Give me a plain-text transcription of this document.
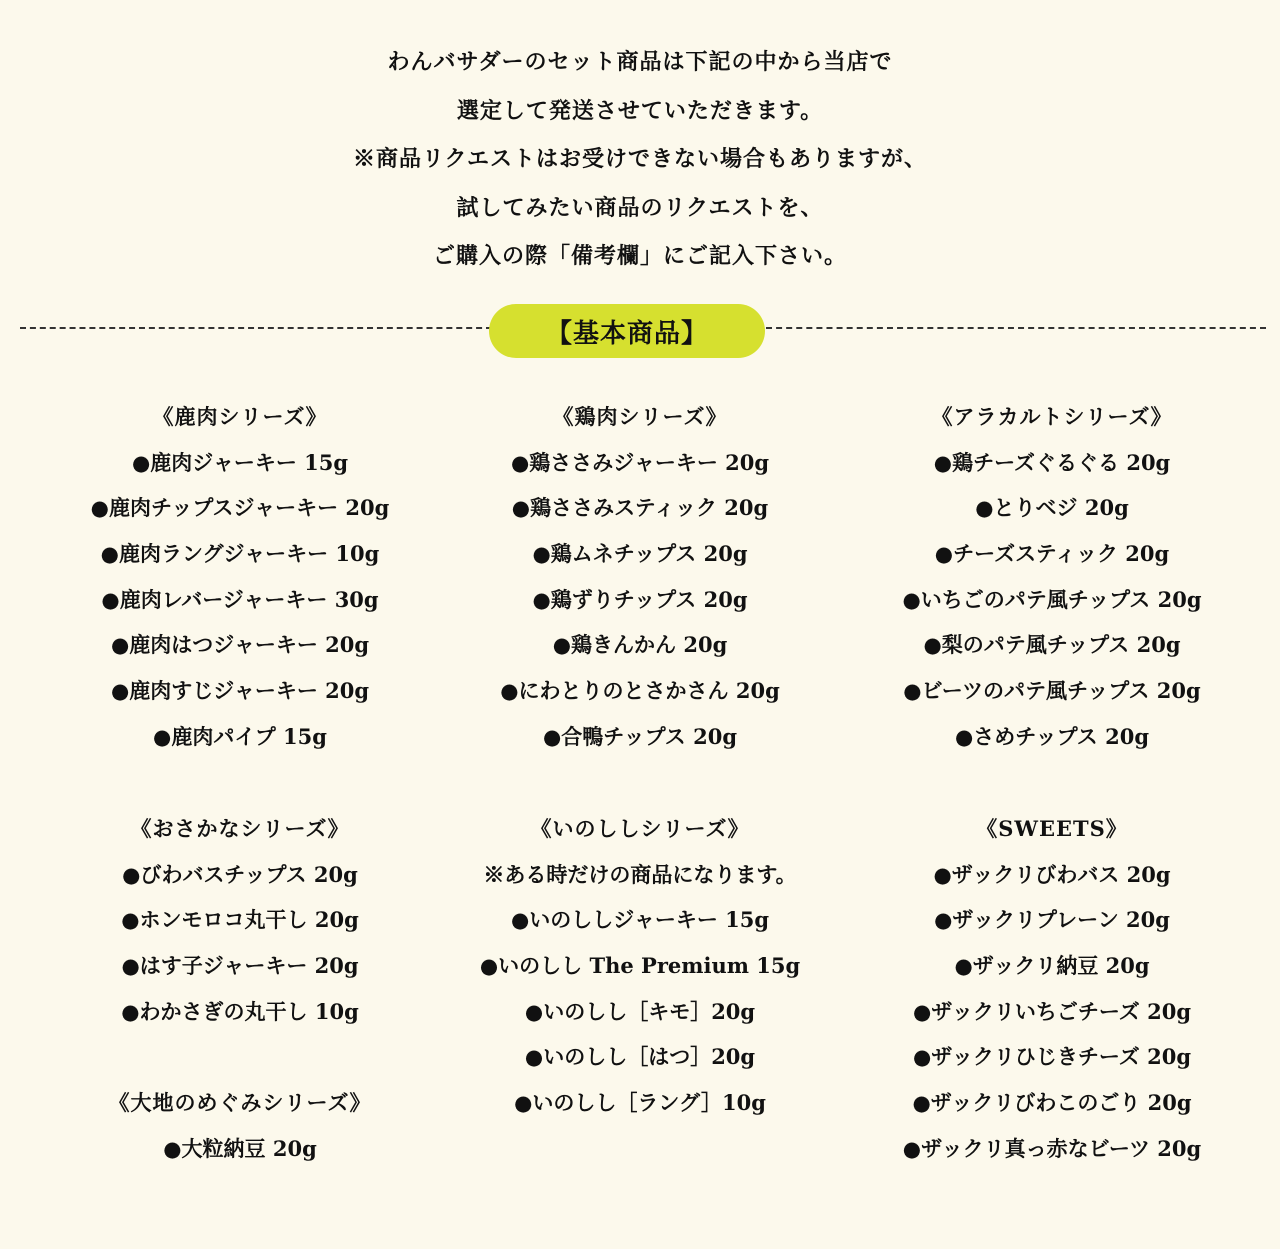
わんバサダーのセット商品は下記の中から当店で
選定して発送させていただきます。
※商品リクエストはお受けできない場合もありますが、
試してみたい商品のリクエストを、
ご購入の際「備考欄」にご記入下さい。
【基本商品】
《鹿肉シリーズ》
●鹿肉ジャーキー 15g
●鹿肉チップスジャーキー 20g
●鹿肉ラングジャーキー 10g
●鹿肉レバージャーキー 30g
●鹿肉はつジャーキー 20g
●鹿肉すじジャーキー 20g
●鹿肉パイプ 15g
《おさかなシリーズ》
●びわバスチップス 20g
●ホンモロコ丸干し 20g
●はす子ジャーキー 20g
●わかさぎの丸干し 10g
《大地のめぐみシリーズ》
●大粒納豆 20g
《鶏肉シリーズ》
●鶏ささみジャーキー 20g
●鶏ささみスティック 20g
●鶏ムネチップス 20g
●鶏ずりチップス 20g
●鶏きんかん 20g
●にわとりのとさかさん 20g
●合鴨チップス 20g
《いのししシリーズ》
※ある時だけの商品になります。
●いのししジャーキー 15g
●いのしし The Premium 15g
●いのしし［キモ］20g
●いのしし［はつ］20g
●いのしし［ラング］10g
《アラカルトシリーズ》
●鶏チーズぐるぐる 20g
●とりベジ 20g
●チーズスティック 20g
●いちごのパテ風チップス 20g
●梨のパテ風チップス 20g
●ビーツのパテ風チップス 20g
●さめチップス 20g
《SWEETS》
●ザックリびわバス 20g
●ザックリプレーン 20g
●ザックリ納豆 20g
●ザックリいちごチーズ 20g
●ザックリひじきチーズ 20g
●ザックリびわこのごり 20g
●ザックリ真っ赤なビーツ 20g
